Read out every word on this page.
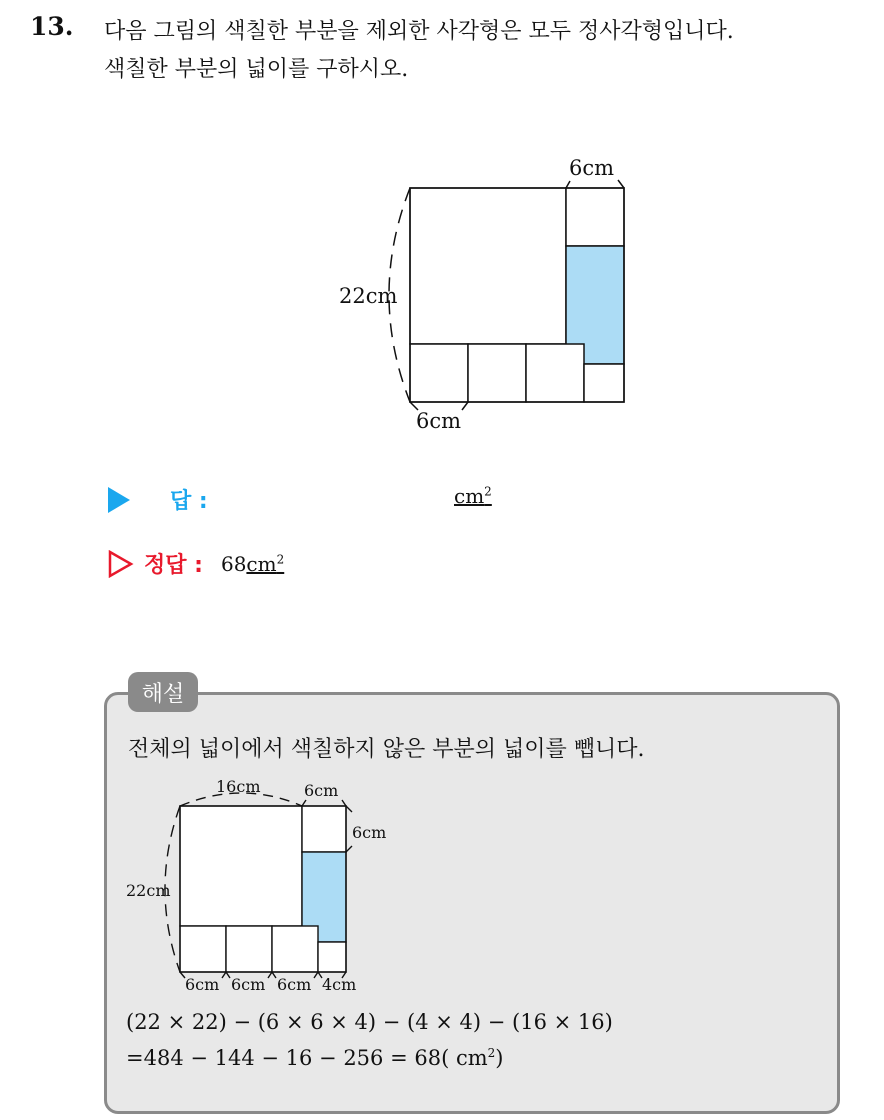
13. 다음 그림의 색칠한 부분을 제외한 사각형은 모두 정사각형입니다.
색칠한 부분의 넓이를 구하시오.
6cm
22cm
6cm
답 :	$cm^2$
정답 : $68cm^2$
해설
전체의 넓이에서 색칠하지 않은 부분의 넓이를 뺍니다.
16cm	6cm
6cm
22cm
6cm 6cm 6cm 4cm
(22 × 22) − (6 × 6 × 4) − (4 × 4) − (16 × 16)
=484 − 144 − 16 − 256 = 68( $cm^2$)
